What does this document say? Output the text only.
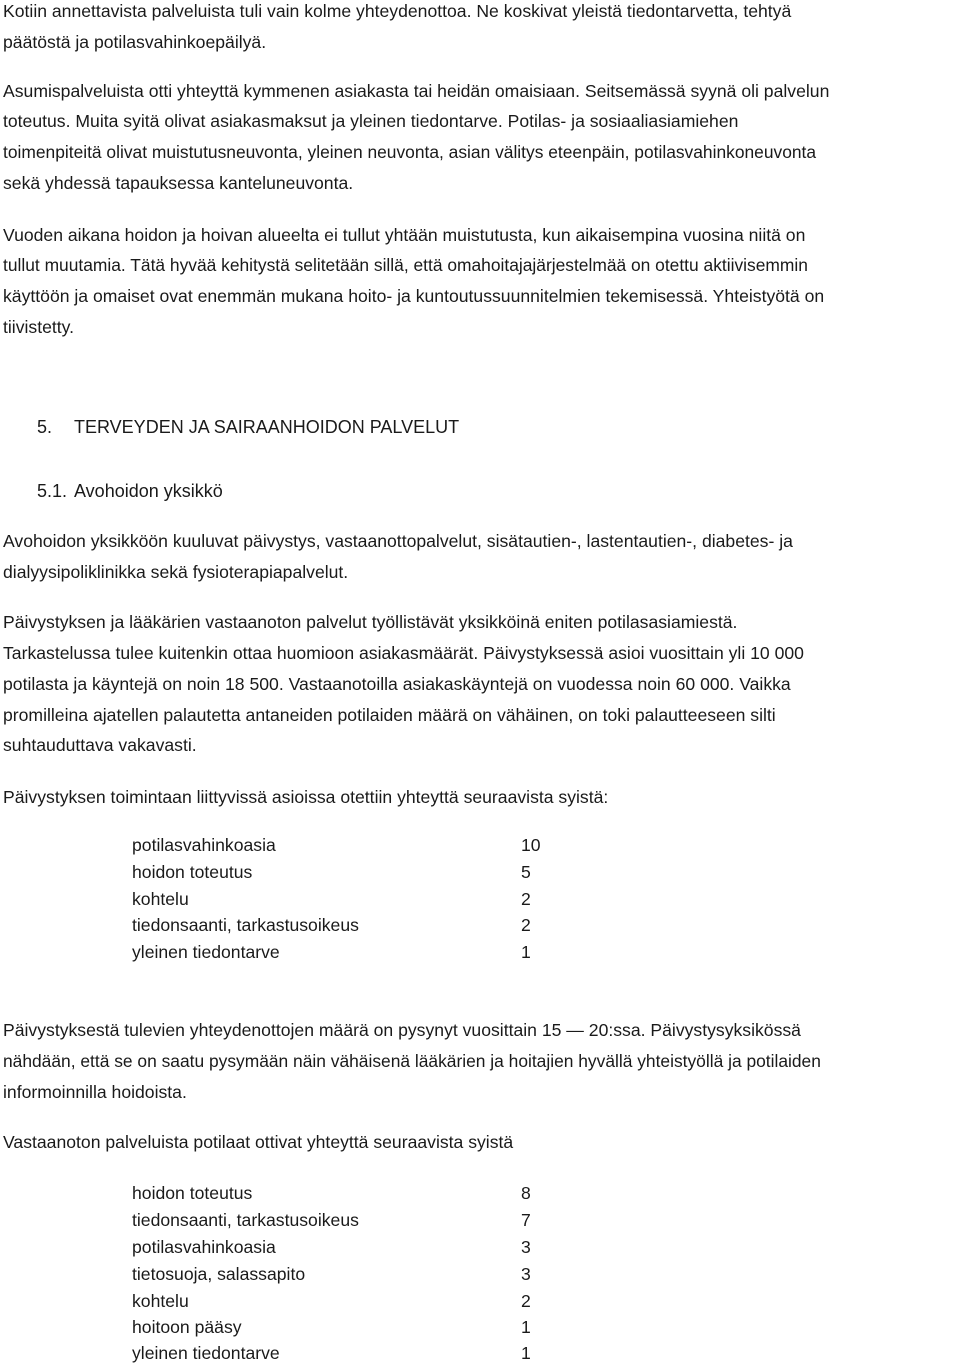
Kotiin annettavista palveluista tuli vain kolme yhteydenottoa. Ne koskivat yleistä tiedontarvetta, tehtyä
päätöstä ja potilasvahinkoepäilyä.
Asumispalveluista otti yhteyttä kymmenen asiakasta tai heidän omaisiaan. Seitsemässä syynä oli palvelun
toteutus. Muita syitä olivat asiakasmaksut ja yleinen tiedontarve. Potilas- ja sosiaaliasiamiehen
toimenpiteitä olivat muistutusneuvonta, yleinen neuvonta, asian välitys eteenpäin, potilasvahinkoneuvonta
sekä yhdessä tapauksessa kanteluneuvonta.
Vuoden aikana hoidon ja hoivan alueelta ei tullut yhtään muistutusta, kun aikaisempina vuosina niitä on
tullut muutamia. Tätä hyvää kehitystä selitetään sillä, että omahoitajajärjestelmää on otettu aktiivisemmin
käyttöön ja omaiset ovat enemmän mukana hoito- ja kuntoutussuunnitelmien tekemisessä. Yhteistyötä on
tiivistetty.
5. TERVEYDEN JA SAIRAANHOIDON PALVELUT
5.1. Avohoidon yksikkö
Avohoidon yksikköön kuuluvat päivystys, vastaanottopalvelut, sisätautien-, lastentautien-, diabetes- ja
dialyysipoliklinikka sekä fysioterapiapalvelut.
Päivystyksen ja lääkärien vastaanoton palvelut työllistävät yksikköinä eniten potilasasiamiestä.
Tarkastelussa tulee kuitenkin ottaa huomioon asiakasmäärät. Päivystyksessä asioi vuosittain yli 10 000
potilasta ja käyntejä on noin 18 500. Vastaanotoilla asiakaskäyntejä on vuodessa noin 60 000. Vaikka
promilleina ajatellen palautetta antaneiden potilaiden määrä on vähäinen, on toki palautteeseen silti
suhtauduttava vakavasti.
Päivystyksen toimintaan liittyvissä asioissa otettiin yhteyttä seuraavista syistä:
potilasvahinkoasia	10
hoidon toteutus	5
kohtelu	2
tiedonsaanti, tarkastusoikeus	2
yleinen tiedontarve	1
Päivystyksestä tulevien yhteydenottojen määrä on pysynyt vuosittain 15 — 20:ssa. Päivystysyksikössä
nähdään, että se on saatu pysymään näin vähäisenä lääkärien ja hoitajien hyvällä yhteistyöllä ja potilaiden
informoinnilla hoidoista.
Vastaanoton palveluista potilaat ottivat yhteyttä seuraavista syistä
hoidon toteutus	8
tiedonsaanti, tarkastusoikeus	7
potilasvahinkoasia	3
tietosuoja, salassapito	3
kohtelu	2
hoitoon pääsy	1
yleinen tiedontarve	1
